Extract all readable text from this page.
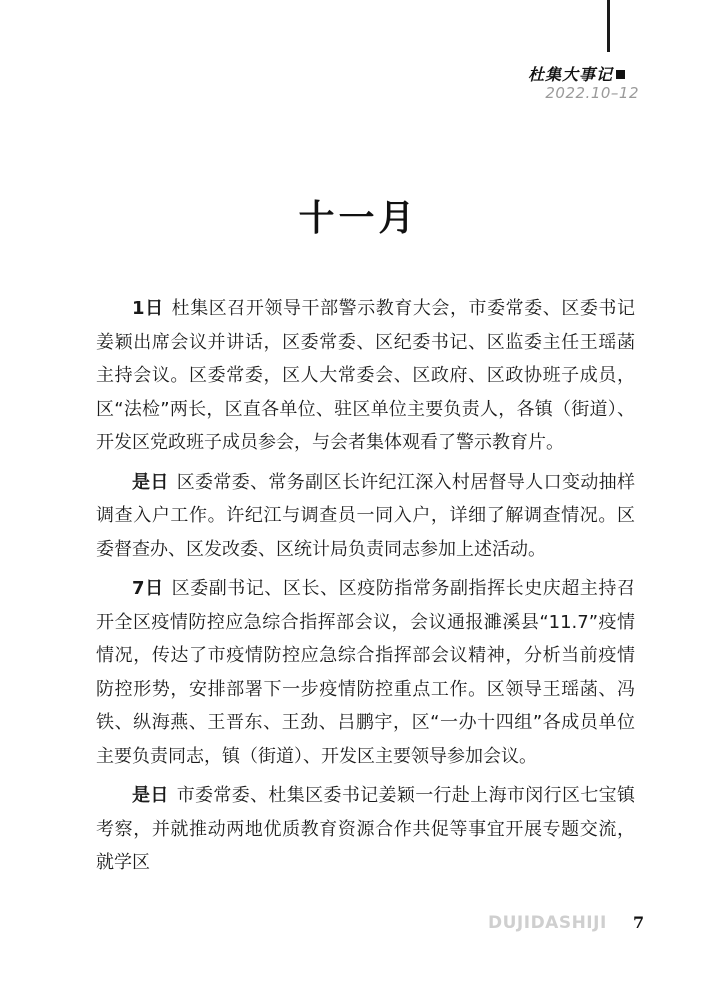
杜集大事记
2022.10–12
十一月

1日 杜集区召开领导干部警示教育大会，市委常委、区委书记姜颖出席会议并讲话，区委常委、区纪委书记、区监委主任王瑶菡主持会议。区委常委，区人大常委会、区政府、区政协班子成员，区“法检”两长，区直各单位、驻区单位主要负责人，各镇（街道）、开发区党政班子成员参会，与会者集体观看了警示教育片。

是日 区委常委、常务副区长许纪江深入村居督导人口变动抽样调查入户工作。许纪江与调查员一同入户，详细了解调查情况。区委督查办、区发改委、区统计局负责同志参加上述活动。

7日 区委副书记、区长、区疫防指常务副指挥长史庆超主持召开全区疫情防控应急综合指挥部会议，会议通报濉溪县“11.7”疫情情况，传达了市疫情防控应急综合指挥部会议精神，分析当前疫情防控形势，安排部署下一步疫情防控重点工作。区领导王瑶菡、冯铁、纵海燕、王晋东、王劲、吕鹏宇，区“一办十四组”各成员单位主要负责同志，镇（街道）、开发区主要领导参加会议。

是日 市委常委、杜集区委书记姜颖一行赴上海市闵行区七宝镇考察，并就推动两地优质教育资源合作共促等事宜开展专题交流，就学区

DUJIDASHIJI 7
